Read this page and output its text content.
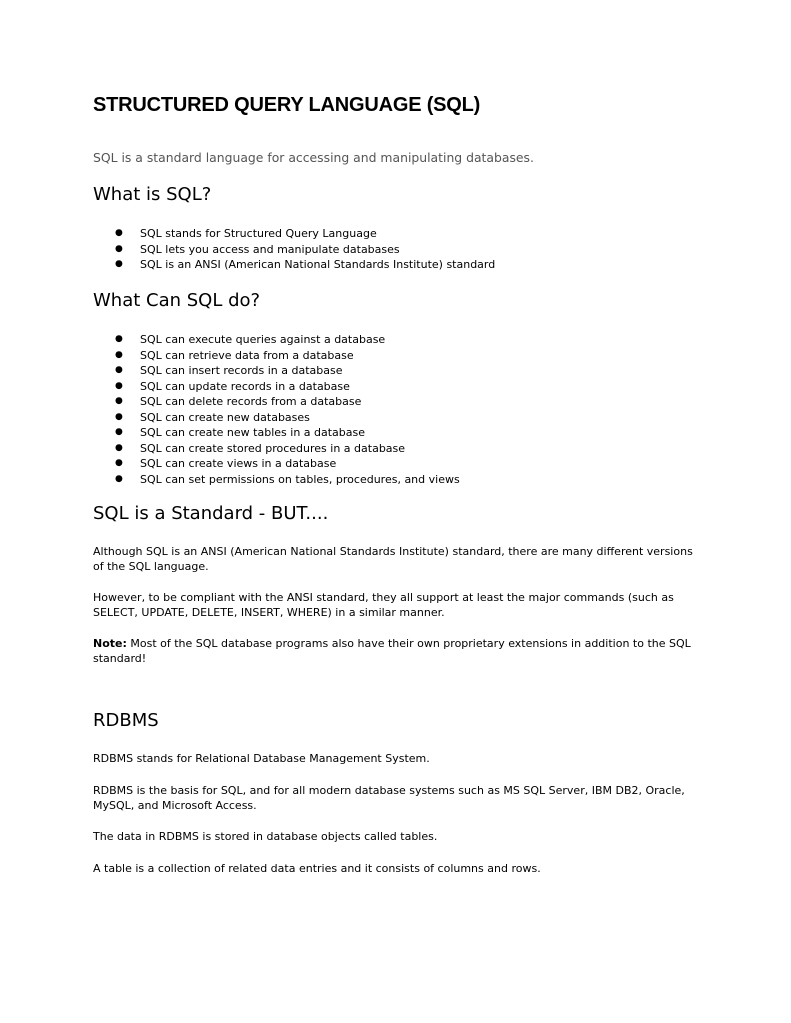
STRUCTURED QUERY LANGUAGE (SQL)

SQL is a standard language for accessing and manipulating databases.

What is SQL?
● SQL stands for Structured Query Language
● SQL lets you access and manipulate databases
● SQL is an ANSI (American National Standards Institute) standard
What Can SQL do?
● SQL can execute queries against a database
● SQL can retrieve data from a database
● SQL can insert records in a database
● SQL can update records in a database
● SQL can delete records from a database
● SQL can create new databases
● SQL can create new tables in a database
● SQL can create stored procedures in a database
● SQL can create views in a database
● SQL can set permissions on tables, procedures, and views
SQL is a Standard - BUT....

Although SQL is an ANSI (American National Standards Institute) standard, there are many different versions of the SQL language.

However, to be compliant with the ANSI standard, they all support at least the major commands (such as SELECT, UPDATE, DELETE, INSERT, WHERE) in a similar manner.

Note: Most of the SQL database programs also have their own proprietary extensions in addition to the SQL standard!

RDBMS

RDBMS stands for Relational Database Management System.

RDBMS is the basis for SQL, and for all modern database systems such as MS SQL Server, IBM DB2, Oracle, MySQL, and Microsoft Access.

The data in RDBMS is stored in database objects called tables.

A table is a collection of related data entries and it consists of columns and rows.
